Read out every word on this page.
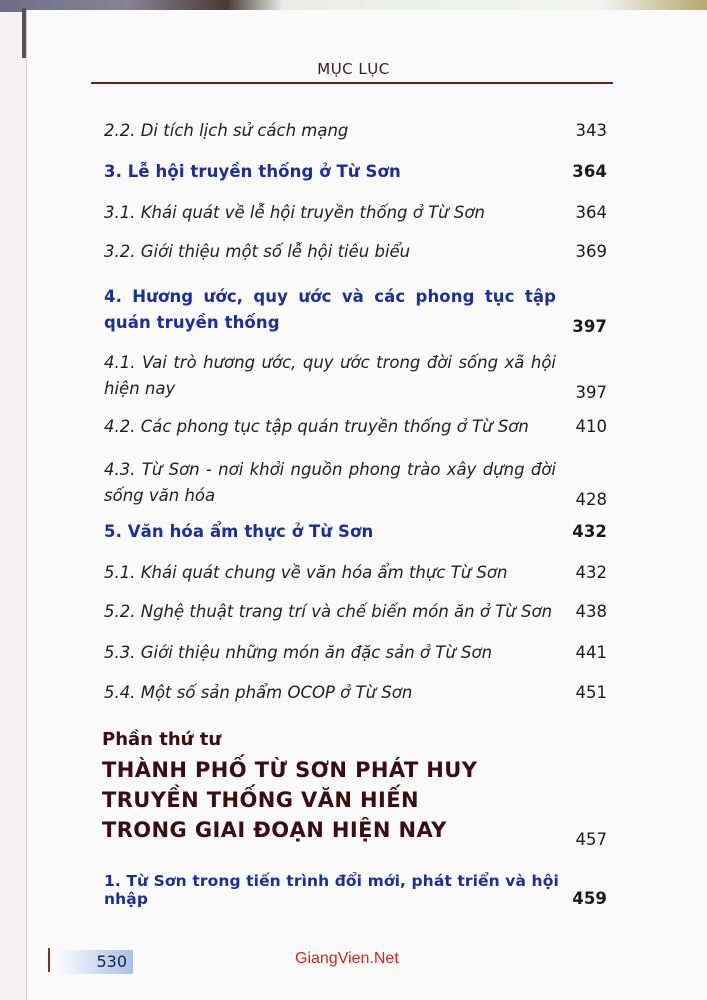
MỤC LỤC
2.2. Di tích lịch sử cách mạng	343
3. Lễ hội truyền thống ở Từ Sơn	364
3.1. Khái quát về lễ hội truyền thống ở Từ Sơn	364
3.2. Giới thiệu một số lễ hội tiêu biểu	369
4. Hương ước, quy ước và các phong tục tập quán truyền thống	397
4.1. Vai trò hương ước, quy ước trong đời sống xã hội hiện nay	397
4.2. Các phong tục tập quán truyền thống ở Từ Sơn	410
4.3. Từ Sơn - nơi khởi nguồn phong trào xây dựng đời sống văn hóa	428
5. Văn hóa ẩm thực ở Từ Sơn	432
5.1. Khái quát chung về văn hóa ẩm thực Từ Sơn	432
5.2. Nghệ thuật trang trí và chế biến món ăn ở Từ Sơn 438
5.3. Giới thiệu những món ăn đặc sản ở Từ Sơn	441
5.4. Một số sản phẩm OCOP ở Từ Sơn	451
Phần thứ tư
THÀNH PHỐ TỪ SƠN PHÁT HUY
TRUYỀN THỐNG VĂN HIẾN
TRONG GIAI ĐOẠN HIỆN NAY	457
1. Từ Sơn trong tiến trình đổi mới, phát triển và hội nhập	459
530	GiangVien.Net
